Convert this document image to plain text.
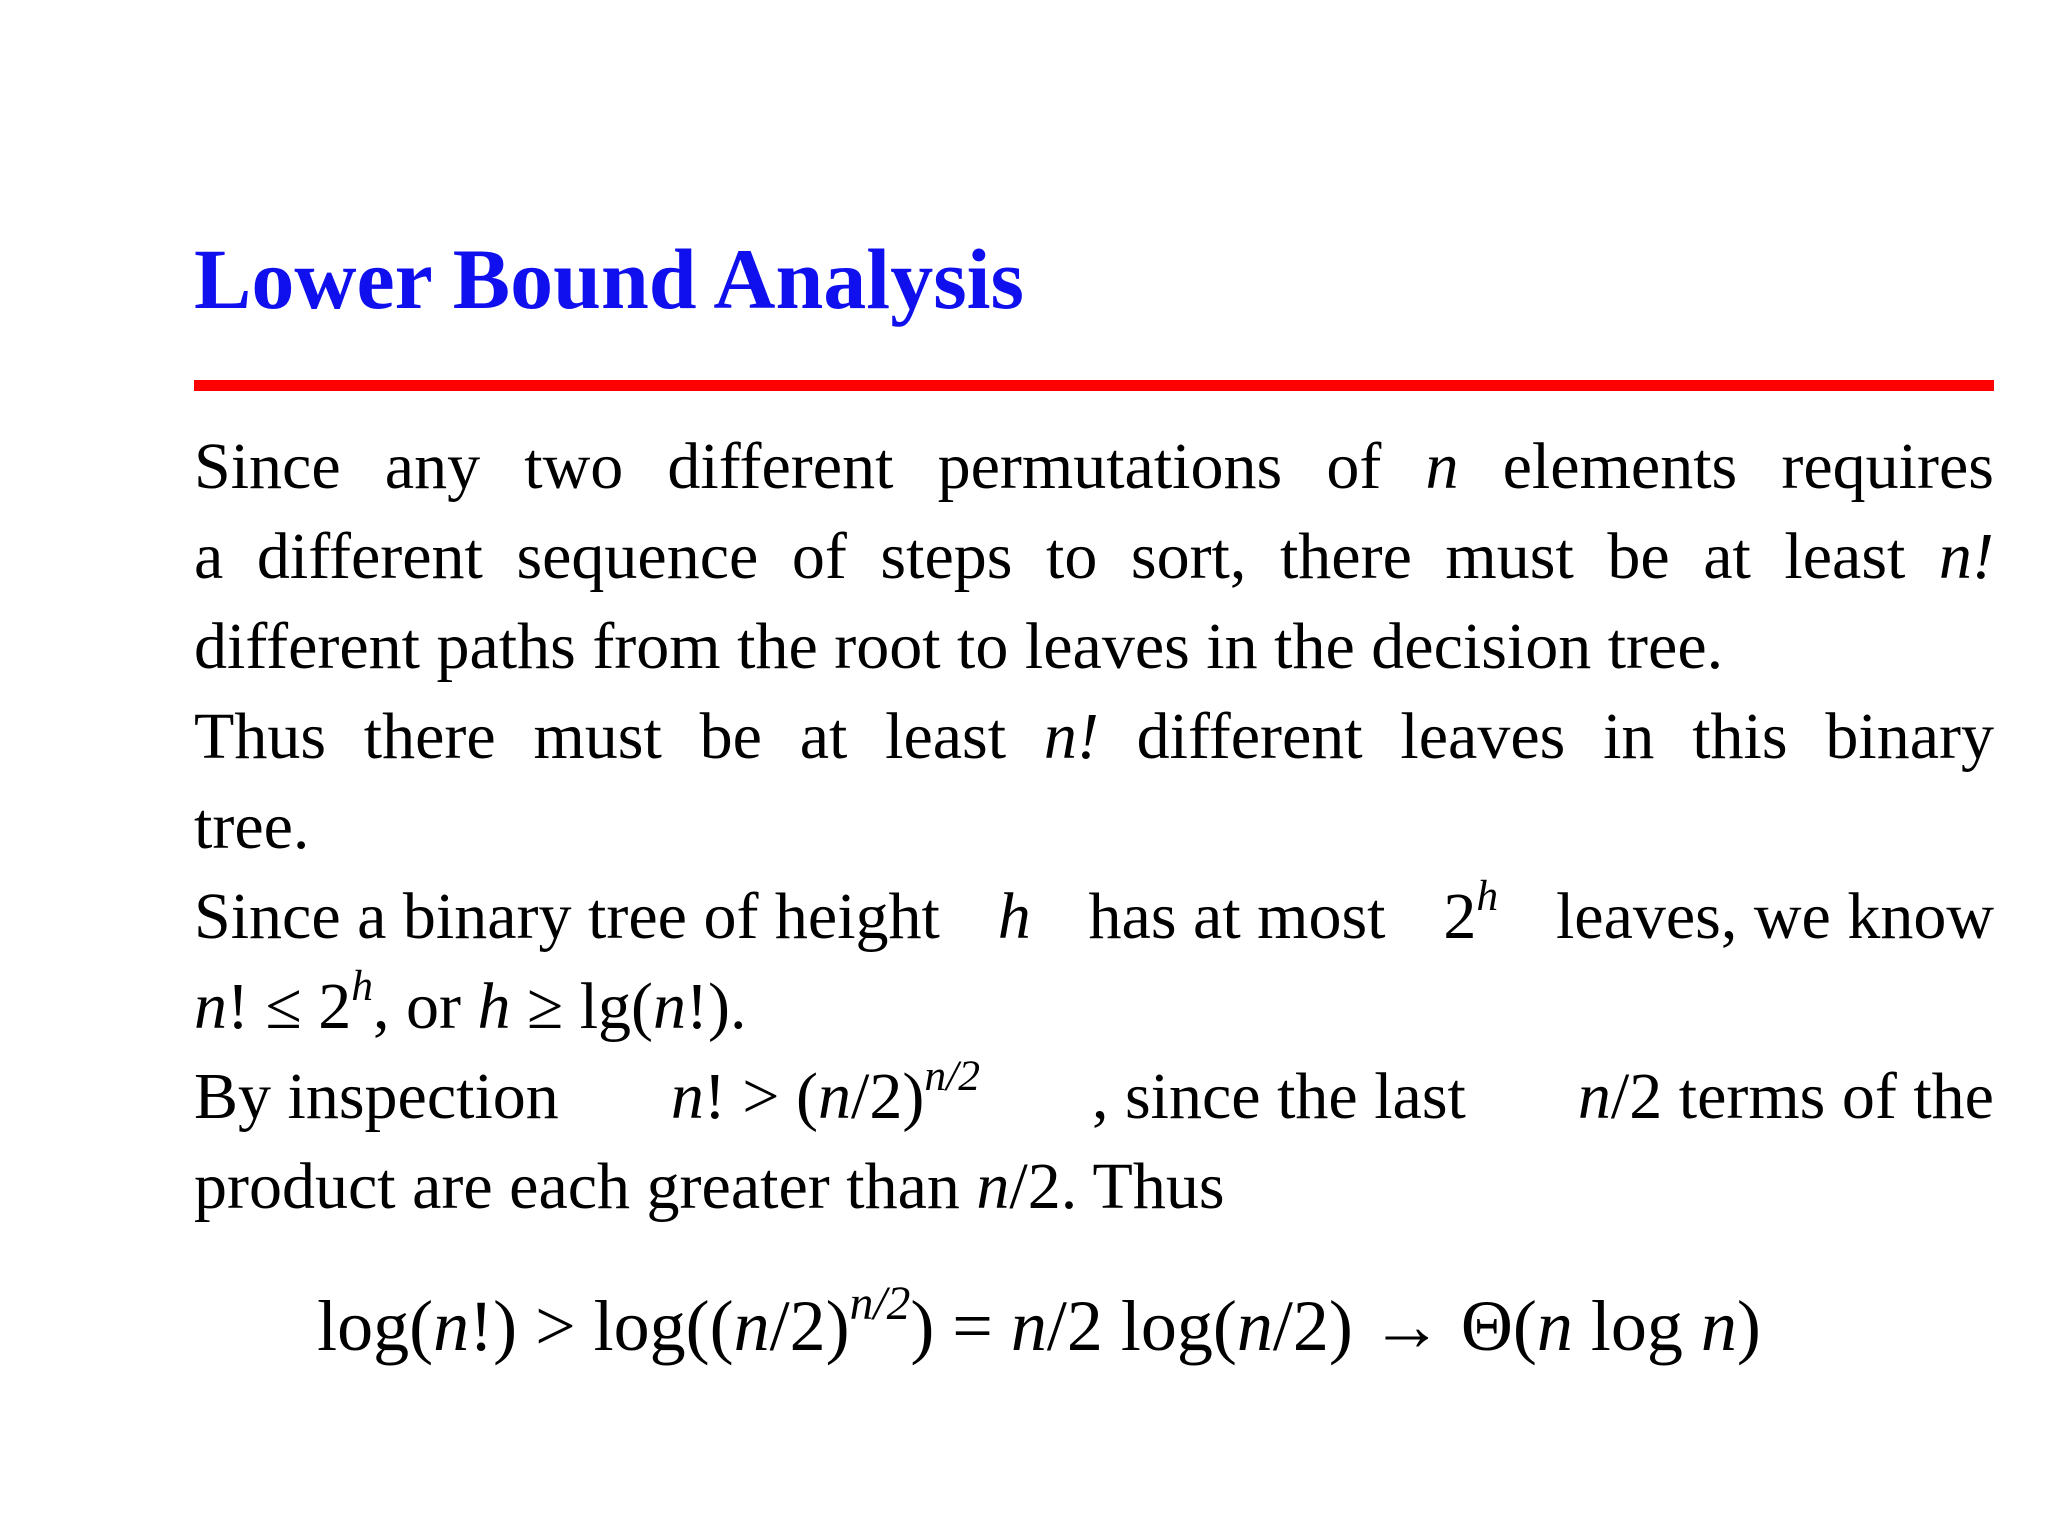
Lower Bound Analysis
Since any two different permutations of n elements requires
a different sequence of steps to sort, there must be at least n!
different paths from the root to leaves in the decision tree.
Thus there must be at least n! different leaves in this binary
tree.
Since a binary tree of height h has at most 2$^h$ leaves, we know
n! ≤ $2^h$, or h ≥ lg(n!).
By inspection n! > $(n/2)^{n/2}$ , since the last n/2 terms of the
product are each greater than n/2. Thus
$\log(n!) > \log((n/2)^{n/2}) = n/2$ log(n/2) → Θ(n log n)
